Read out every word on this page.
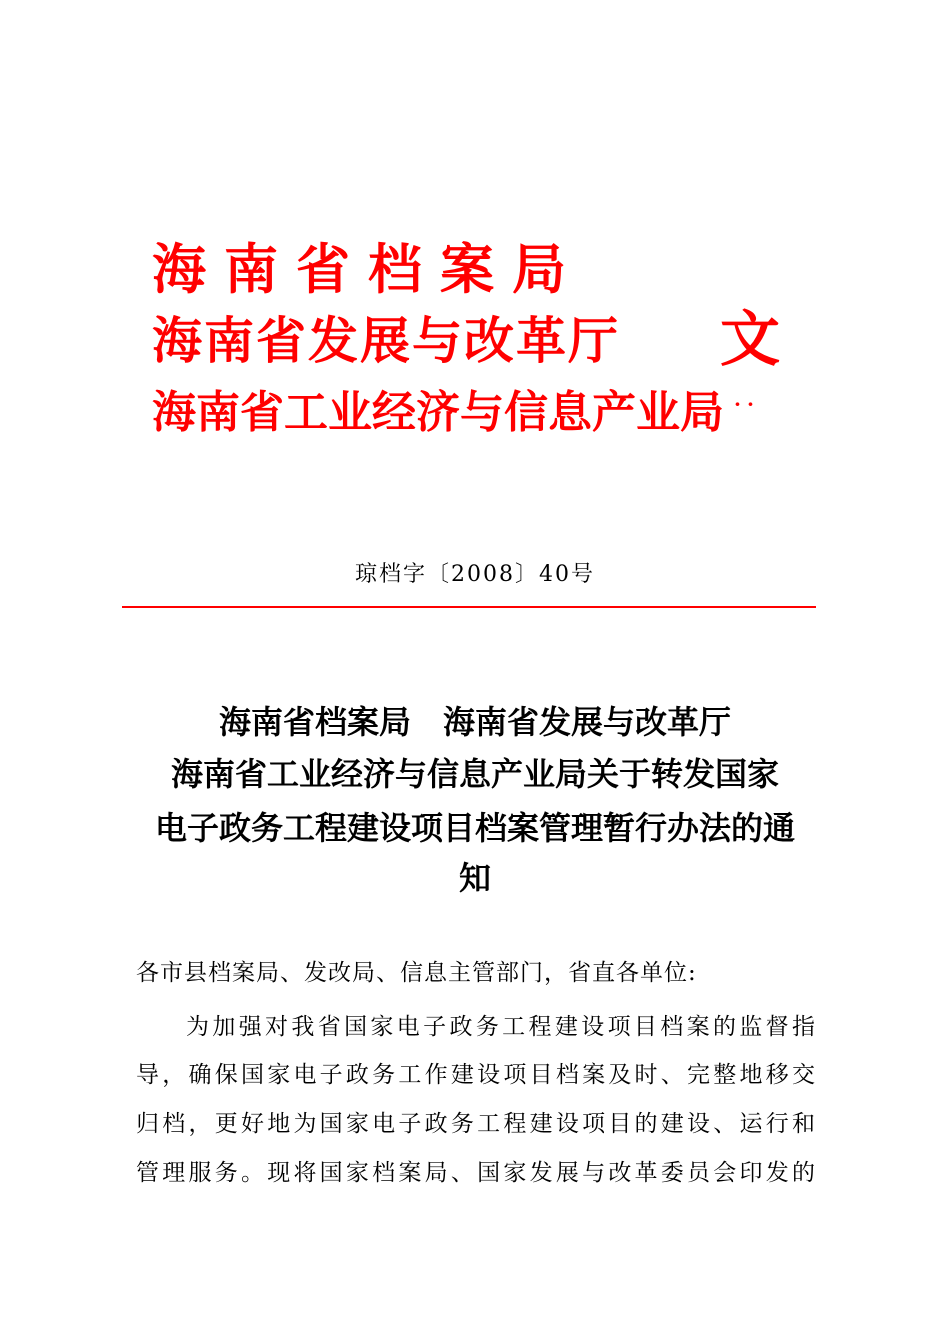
海南省档案局
海南省发展与改革厅
海南省工业经济与信息产业局
文
··
琼档字〔2008〕40号
海南省档案局　海南省发展与改革厅
海南省工业经济与信息产业局关于转发国家
电子政务工程建设项目档案管理暂行办法的通
知
各市县档案局、发改局、信息主管部门，省直各单位:
为加强对我省国家电子政务工程建设项目档案的监督指
导，确保国家电子政务工作建设项目档案及时、完整地移交
归档，更好地为国家电子政务工程建设项目的建设、运行和
管理服务。现将国家档案局、国家发展与改革委员会印发的
